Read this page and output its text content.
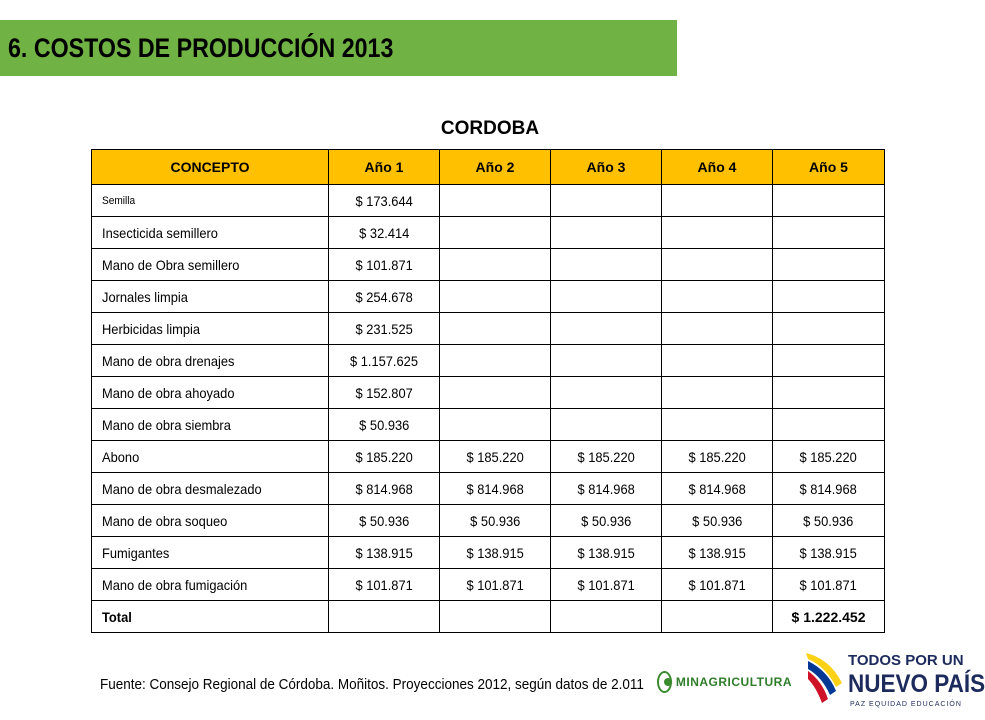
6. COSTOS DE PRODUCCIÓN 2013
CORDOBA
CONCEPTO	Año 1	Año 2	Año 3	Año 4	Año 5
Semilla	$ 173.644				
Insecticida semillero	$ 32.414				
Mano de Obra semillero	$ 101.871				
Jornales limpia	$ 254.678				
Herbicidas limpia	$ 231.525				
Mano de obra drenajes	$ 1.157.625				
Mano de obra ahoyado	$ 152.807				
Mano de obra siembra	$ 50.936				
Abono	$ 185.220	$ 185.220	$ 185.220	$ 185.220	$ 185.220
Mano de obra desmalezado	$ 814.968	$ 814.968	$ 814.968	$ 814.968	$ 814.968
Mano de obra soqueo	$ 50.936	$ 50.936	$ 50.936	$ 50.936	$ 50.936
Fumigantes	$ 138.915	$ 138.915	$ 138.915	$ 138.915	$ 138.915
Mano de obra fumigación	$ 101.871	$ 101.871	$ 101.871	$ 101.871	$ 101.871
Total					$ 1.222.452
Fuente: Consejo Regional de Córdoba. Moñitos. Proyecciones 2012, según datos de 2.011	MINAGRICULTURA
TODOS POR UN
NUEVO PAÍS
PAZ EQUIDAD EDUCACIÓN
